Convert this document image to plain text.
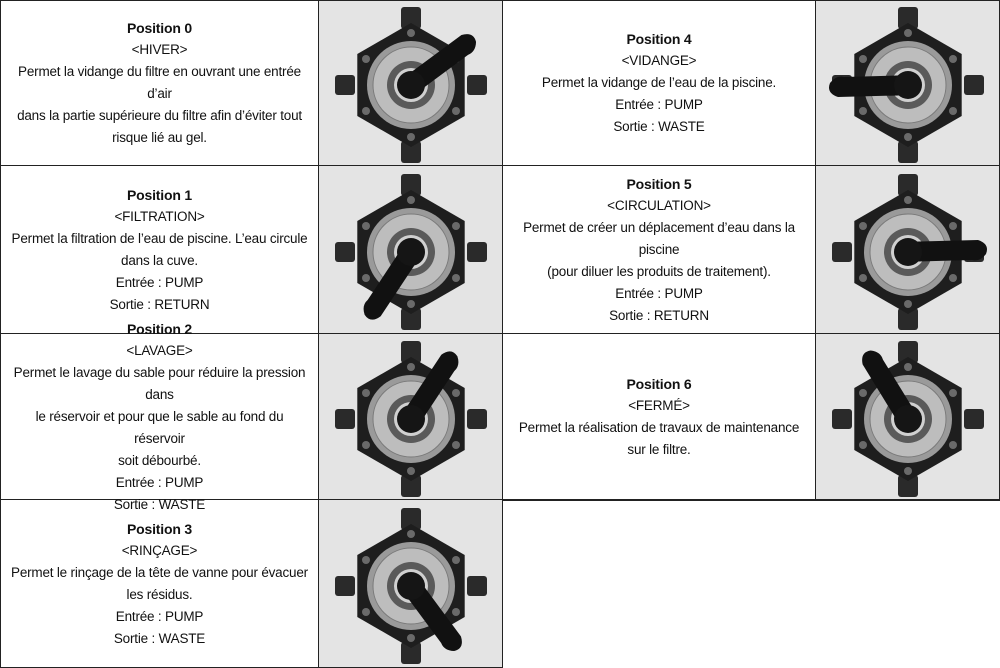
Position 0

<HIVER>

Permet la vidange du filtre en ouvrant une entrée d’air

dans la partie supérieure du filtre afin d’éviter tout

risque lié au gel.

Position 4

<VIDANGE>

Permet la vidange de l’eau de la piscine.

Entrée : PUMP

Sortie : WASTE

Position 1

<FILTRATION>

Permet la filtration de l’eau de piscine. L’eau circule

dans la cuve.

Entrée : PUMP

Sortie : RETURN

Position 5

<CIRCULATION>

Permet de créer un déplacement d’eau dans la piscine

(pour diluer les produits de traitement).

Entrée : PUMP

Sortie : RETURN

Position 2

<LAVAGE>

Permet le lavage du sable pour réduire la pression dans

le réservoir et pour que le sable au fond du réservoir

soit débourbé.

Entrée : PUMP

Sortie : WASTE

Position 6

<FERMÉ>

Permet la réalisation de travaux de maintenance

sur le filtre.

Position 3

<RINÇAGE>

Permet le rinçage de la tête de vanne pour évacuer

les résidus.

Entrée : PUMP

Sortie : WASTE
